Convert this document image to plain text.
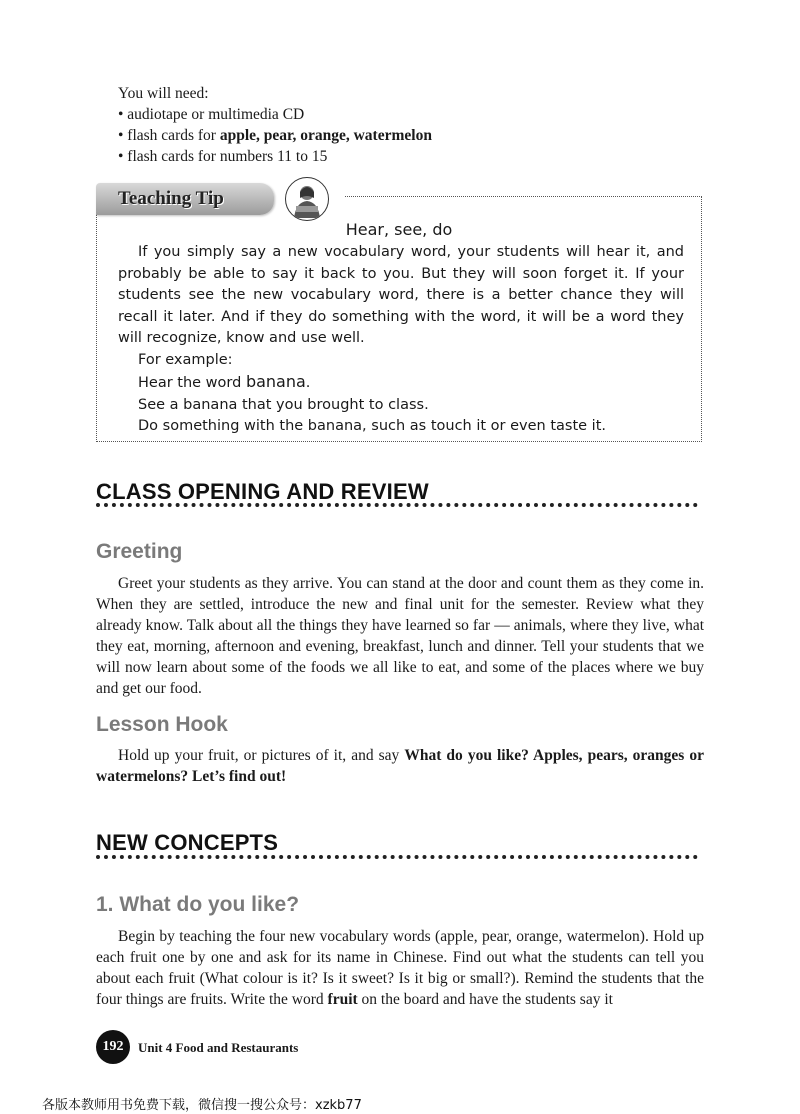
You will need:
• audiotape or multimedia CD
• flash cards for apple, pear, orange, watermelon
• flash cards for numbers 11 to 15
Teaching Tip
Hear, see, do

If you simply say a new vocabulary word, your students will hear it, and probably be able to say it back to you. But they will soon forget it. If your students see the new vocabulary word, there is a better chance they will recall it later. And if they do something with the word, it will be a word they will recognize, know and use well.

For example:
Hear the word banana.
See a banana that you brought to class.
Do something with the banana, such as touch it or even taste it.
CLASS OPENING AND REVIEW
Greeting
Greet your students as they arrive. You can stand at the door and count them as they come in. When they are settled, introduce the new and final unit for the semester. Review what they already know. Talk about all the things they have learned so far — animals, where they live, what they eat, morning, afternoon and evening, breakfast, lunch and dinner. Tell your students that we will now learn about some of the foods we all like to eat, and some of the places where we buy and get our food.
Lesson Hook
Hold up your fruit, or pictures of it, and say What do you like? Apples, pears, oranges or watermelons? Let’s find out!
NEW CONCEPTS
1. What do you like?
Begin by teaching the four new vocabulary words (apple, pear, orange, watermelon). Hold up each fruit one by one and ask for its name in Chinese. Find out what the students can tell you about each fruit (What colour is it? Is it sweet? Is it big or small?). Remind the students that the four things are fruits. Write the word fruit on the board and have the students say it
192	Unit 4 Food and Restaurants
各版本教师用书免费下载，微信搜一搜公众号：xzkb77
